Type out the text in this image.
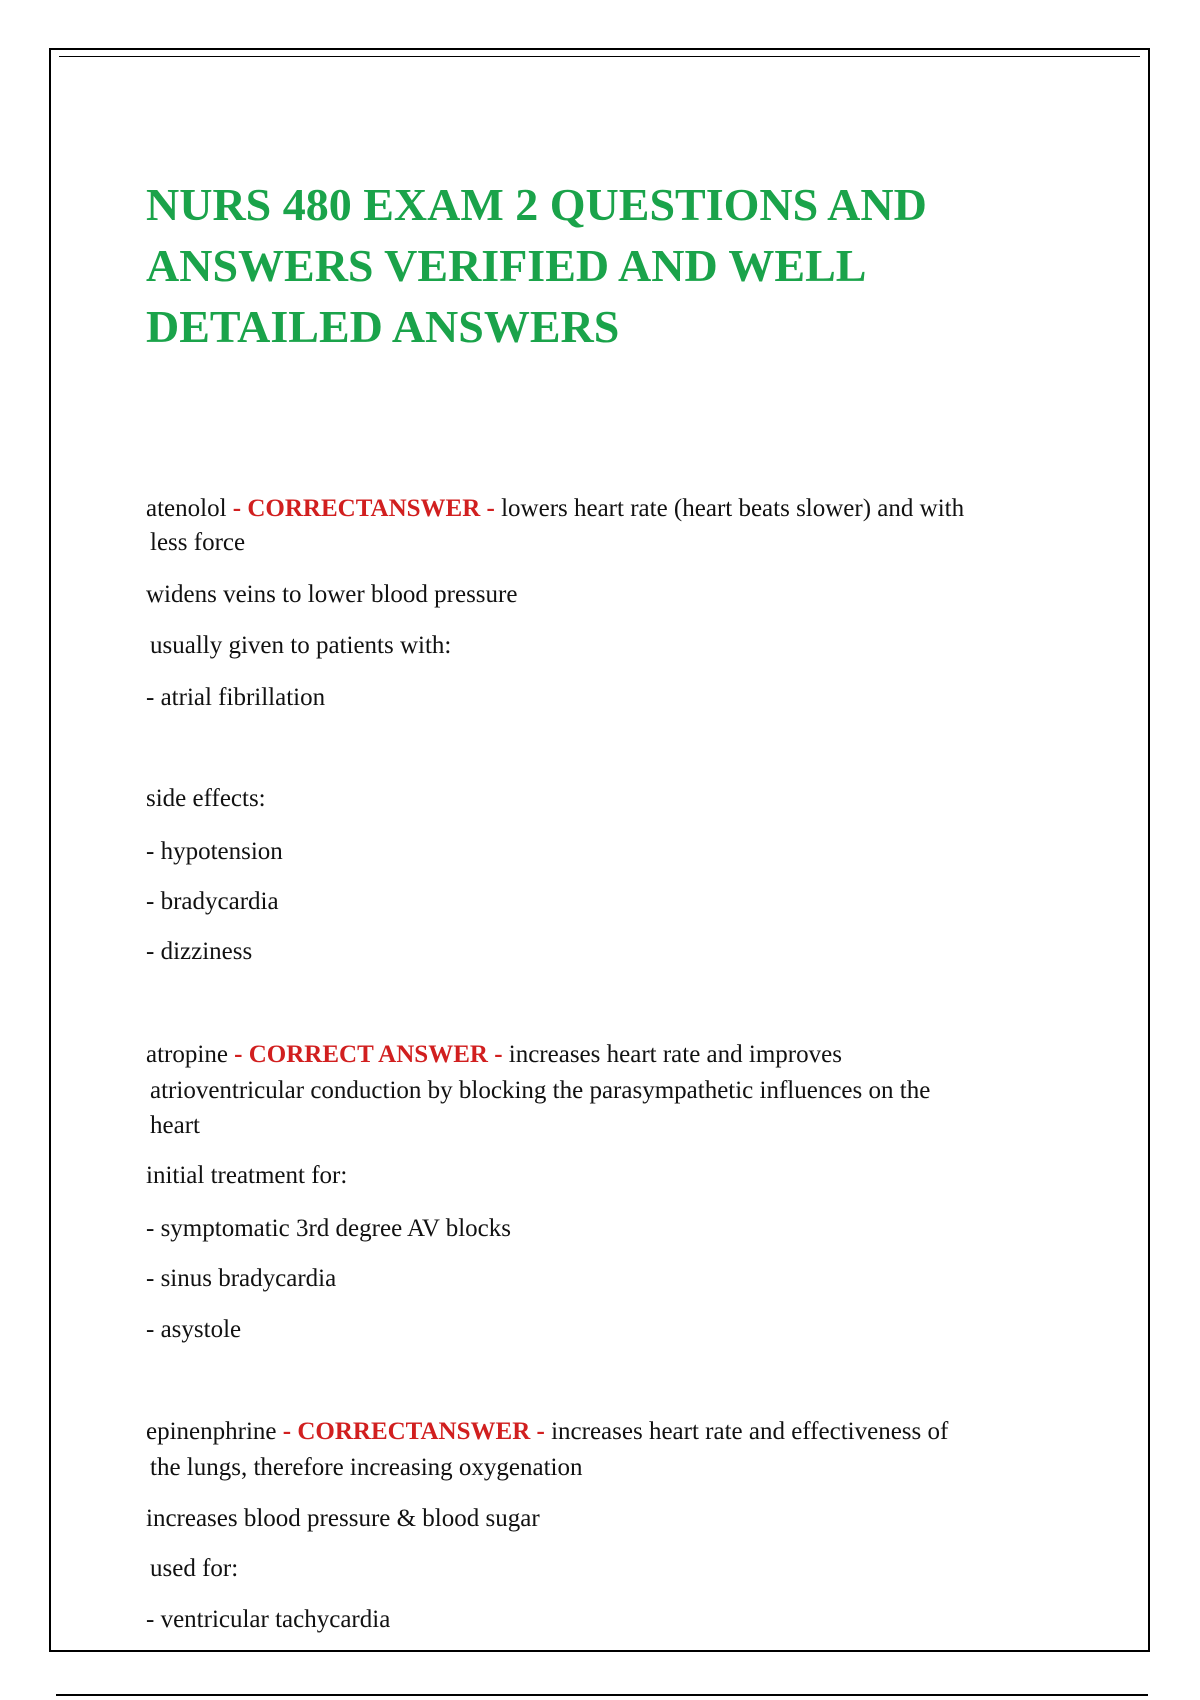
NURS 480 EXAM 2 QUESTIONS AND
ANSWERS VERIFIED AND WELL
DETAILED ANSWERS

atenolol - CORRECTANSWER - lowers heart rate (heart beats slower) and with

less force

widens veins to lower blood pressure

usually given to patients with:

- atrial fibrillation

side effects:

- hypotension

- bradycardia

- dizziness

atropine - CORRECT ANSWER - increases heart rate and improves

atrioventricular conduction by blocking the parasympathetic influences on the

heart

initial treatment for:

- symptomatic 3rd degree AV blocks

- sinus bradycardia

- asystole

epinenphrine - CORRECTANSWER - increases heart rate and effectiveness of

the lungs, therefore increasing oxygenation

increases blood pressure & blood sugar

used for:

- ventricular tachycardia
